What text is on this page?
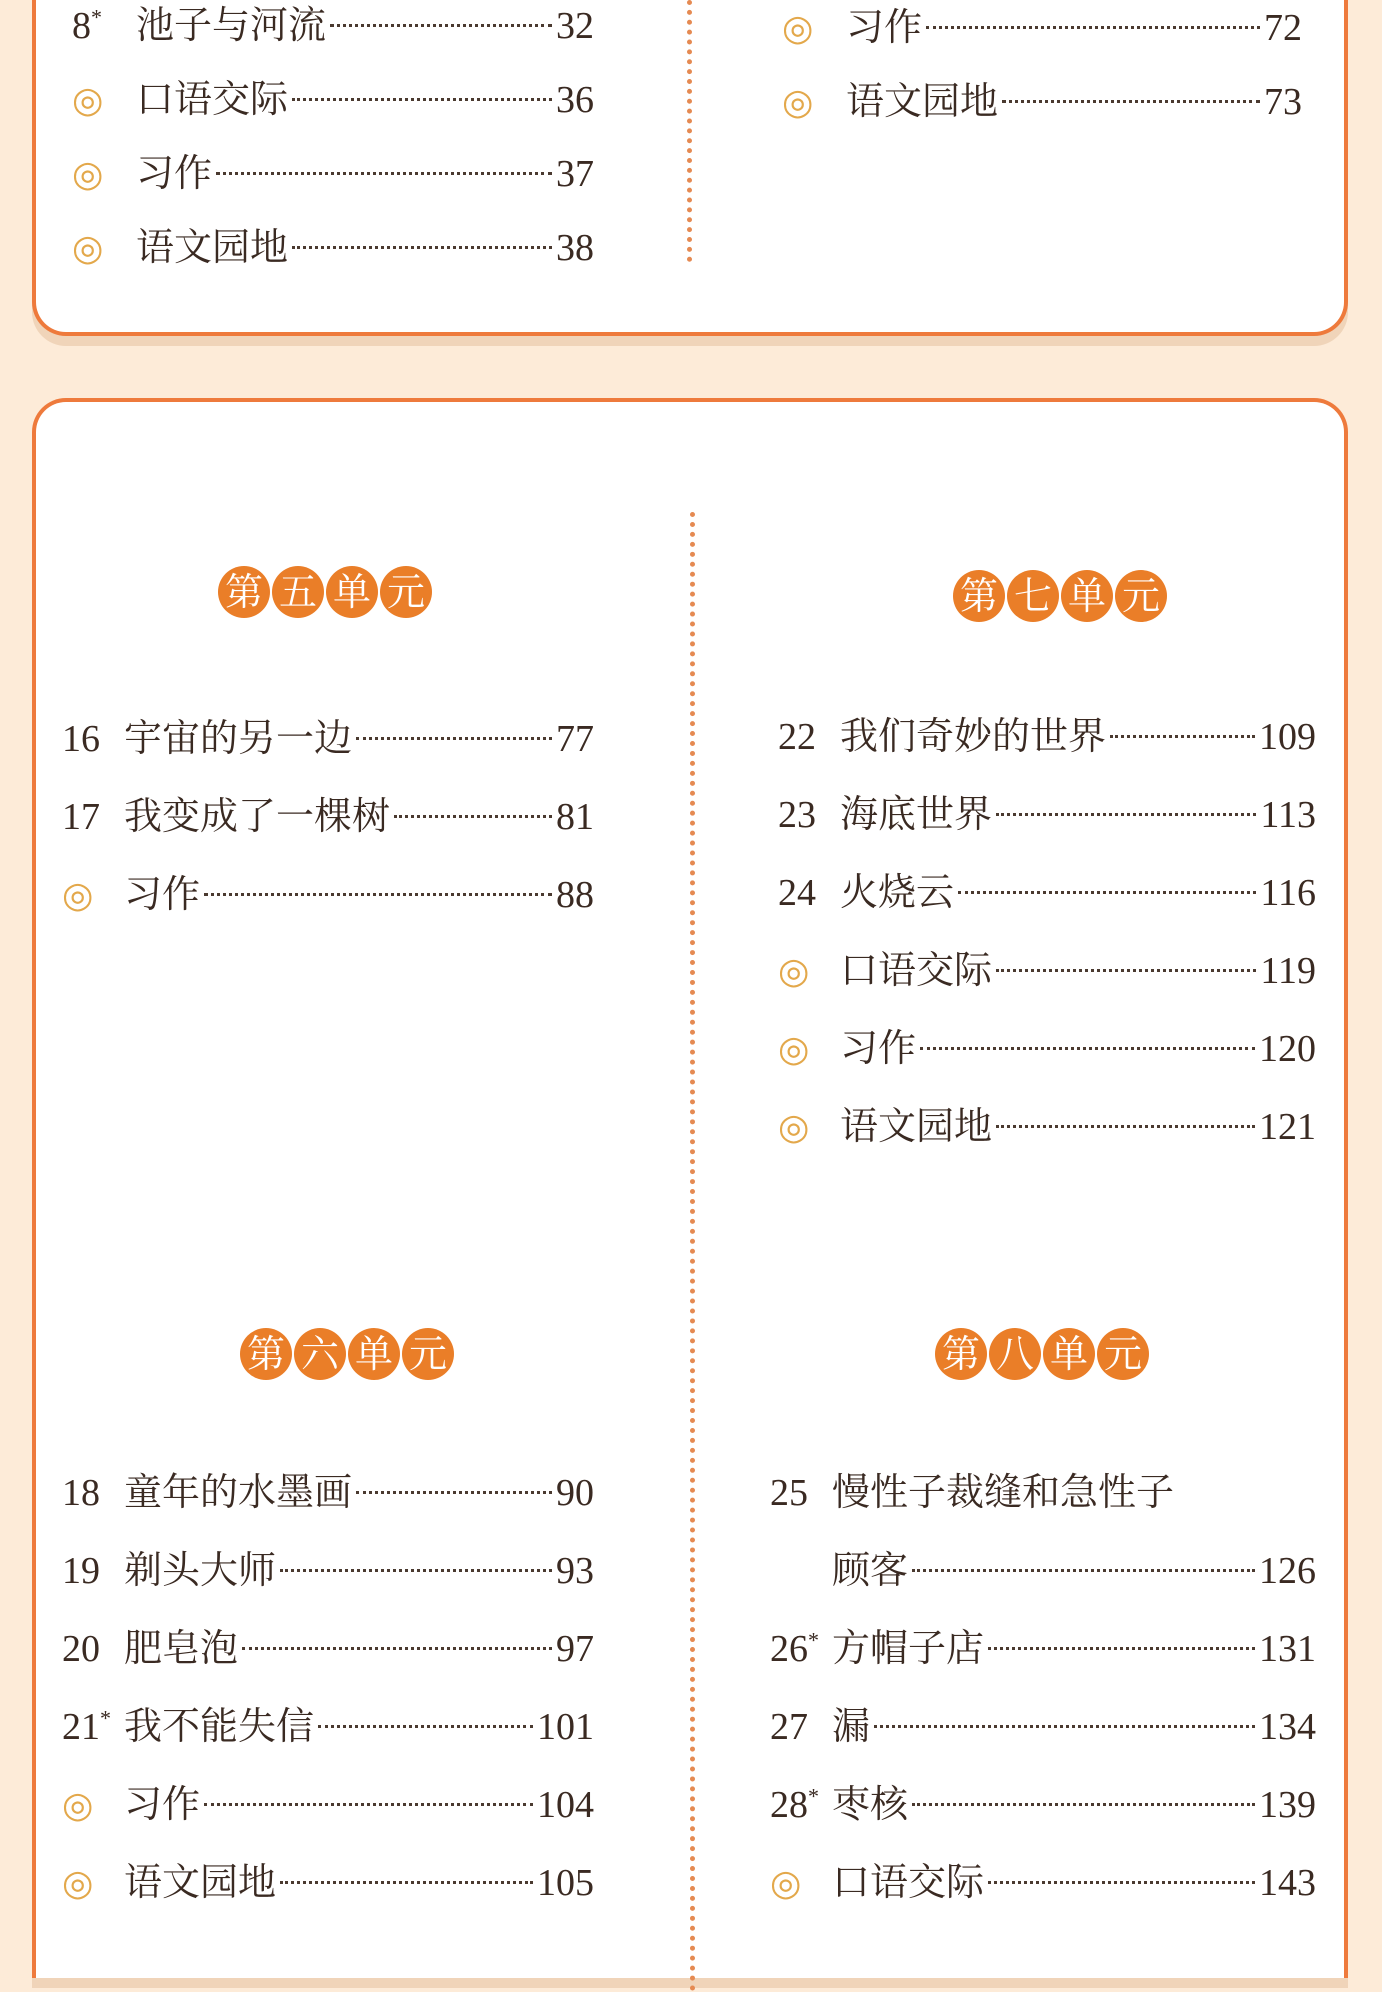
8* 池子与河流	32
◎ 口语交际	36
◎ 习作	37
◎ 语文园地	38
◎ 习作	72
◎ 语文园地	73
第 五 单 元	第 七 单 元
第 六 单 元	第 八 单 元
16 宇宙的另一边	77
17 我变成了一棵树	81
◎ 习作	88
18 童年的水墨画	90
19 剃头大师	93
20 肥皂泡	97
21* 我不能失信	101
◎ 习作	104
◎ 语文园地	105
22 我们奇妙的世界	109
23 海底世界	113
24 火烧云	116
◎ 口语交际	119
◎ 习作	120
◎ 语文园地	121
25 慢性子裁缝和急性子
顾客	126
26* 方帽子店	131
27 漏	134
28* 枣核	139
◎ 口语交际	143
